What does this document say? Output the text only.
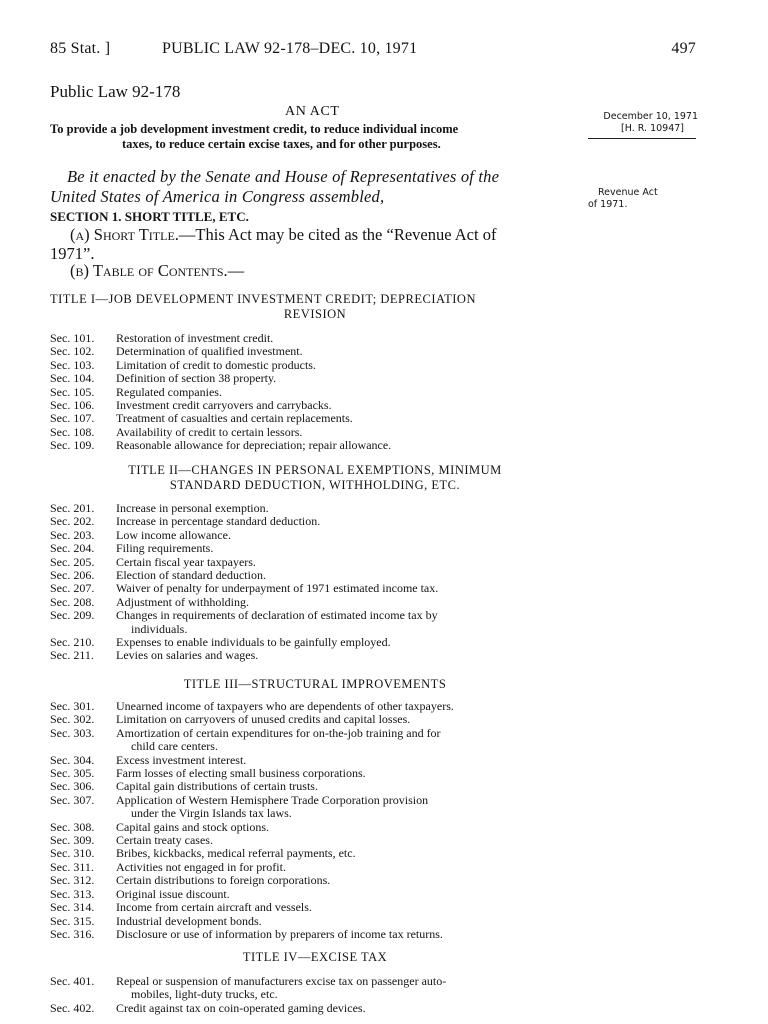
85 Stat. ]	PUBLIC LAW 92-178–DEC. 10, 1971	497
Public Law 92-178
AN ACT
To provide a job development investment credit, to reduce individual income
taxes, to reduce certain excise taxes, and for other purposes.
December 10, 1971
[H. R. 10947]
Revenue Act
of 1971.
Be it enacted by the Senate and House of Representatives of the
United States of America in Congress assembled,
SECTION 1. SHORT TITLE, ETC.
(a) Short Title.—This Act may be cited as the “Revenue Act of
1971”.
(b) Table of Contents.—
TITLE I—JOB DEVELOPMENT INVESTMENT CREDIT; DEPRECIATION
REVISION
Sec. 101. Restoration of investment credit.
Sec. 102. Determination of qualified investment.
Sec. 103. Limitation of credit to domestic products.
Sec. 104. Definition of section 38 property.
Sec. 105. Regulated companies.
Sec. 106. Investment credit carryovers and carrybacks.
Sec. 107. Treatment of casualties and certain replacements.
Sec. 108. Availability of credit to certain lessors.
Sec. 109. Reasonable allowance for depreciation; repair allowance.
TITLE II—CHANGES IN PERSONAL EXEMPTIONS, MINIMUM
STANDARD DEDUCTION, WITHHOLDING, ETC.
Sec. 201. Increase in personal exemption.
Sec. 202. Increase in percentage standard deduction.
Sec. 203. Low income allowance.
Sec. 204. Filing requirements.
Sec. 205. Certain fiscal year taxpayers.
Sec. 206. Election of standard deduction.
Sec. 207. Waiver of penalty for underpayment of 1971 estimated income tax.
Sec. 208. Adjustment of withholding.
Sec. 209. Changes in requirements of declaration of estimated income tax by
individuals.
Sec. 210. Expenses to enable individuals to be gainfully employed.
Sec. 211. Levies on salaries and wages.
TITLE III—STRUCTURAL IMPROVEMENTS
Sec. 301. Unearned income of taxpayers who are dependents of other taxpayers.
Sec. 302. Limitation on carryovers of unused credits and capital losses.
Sec. 303. Amortization of certain expenditures for on-the-job training and for
child care centers.
Sec. 304. Excess investment interest.
Sec. 305. Farm losses of electing small business corporations.
Sec. 306. Capital gain distributions of certain trusts.
Sec. 307. Application of Western Hemisphere Trade Corporation provision
under the Virgin Islands tax laws.
Sec. 308. Capital gains and stock options.
Sec. 309. Certain treaty cases.
Sec. 310. Bribes, kickbacks, medical referral payments, etc.
Sec. 311. Activities not engaged in for profit.
Sec. 312. Certain distributions to foreign corporations.
Sec. 313. Original issue discount.
Sec. 314. Income from certain aircraft and vessels.
Sec. 315. Industrial development bonds.
Sec. 316. Disclosure or use of information by preparers of income tax returns.
TITLE IV—EXCISE TAX
Sec. 401. Repeal or suspension of manufacturers excise tax on passenger auto-
mobiles, light-duty trucks, etc.
Sec. 402. Credit against tax on coin-operated gaming devices.
